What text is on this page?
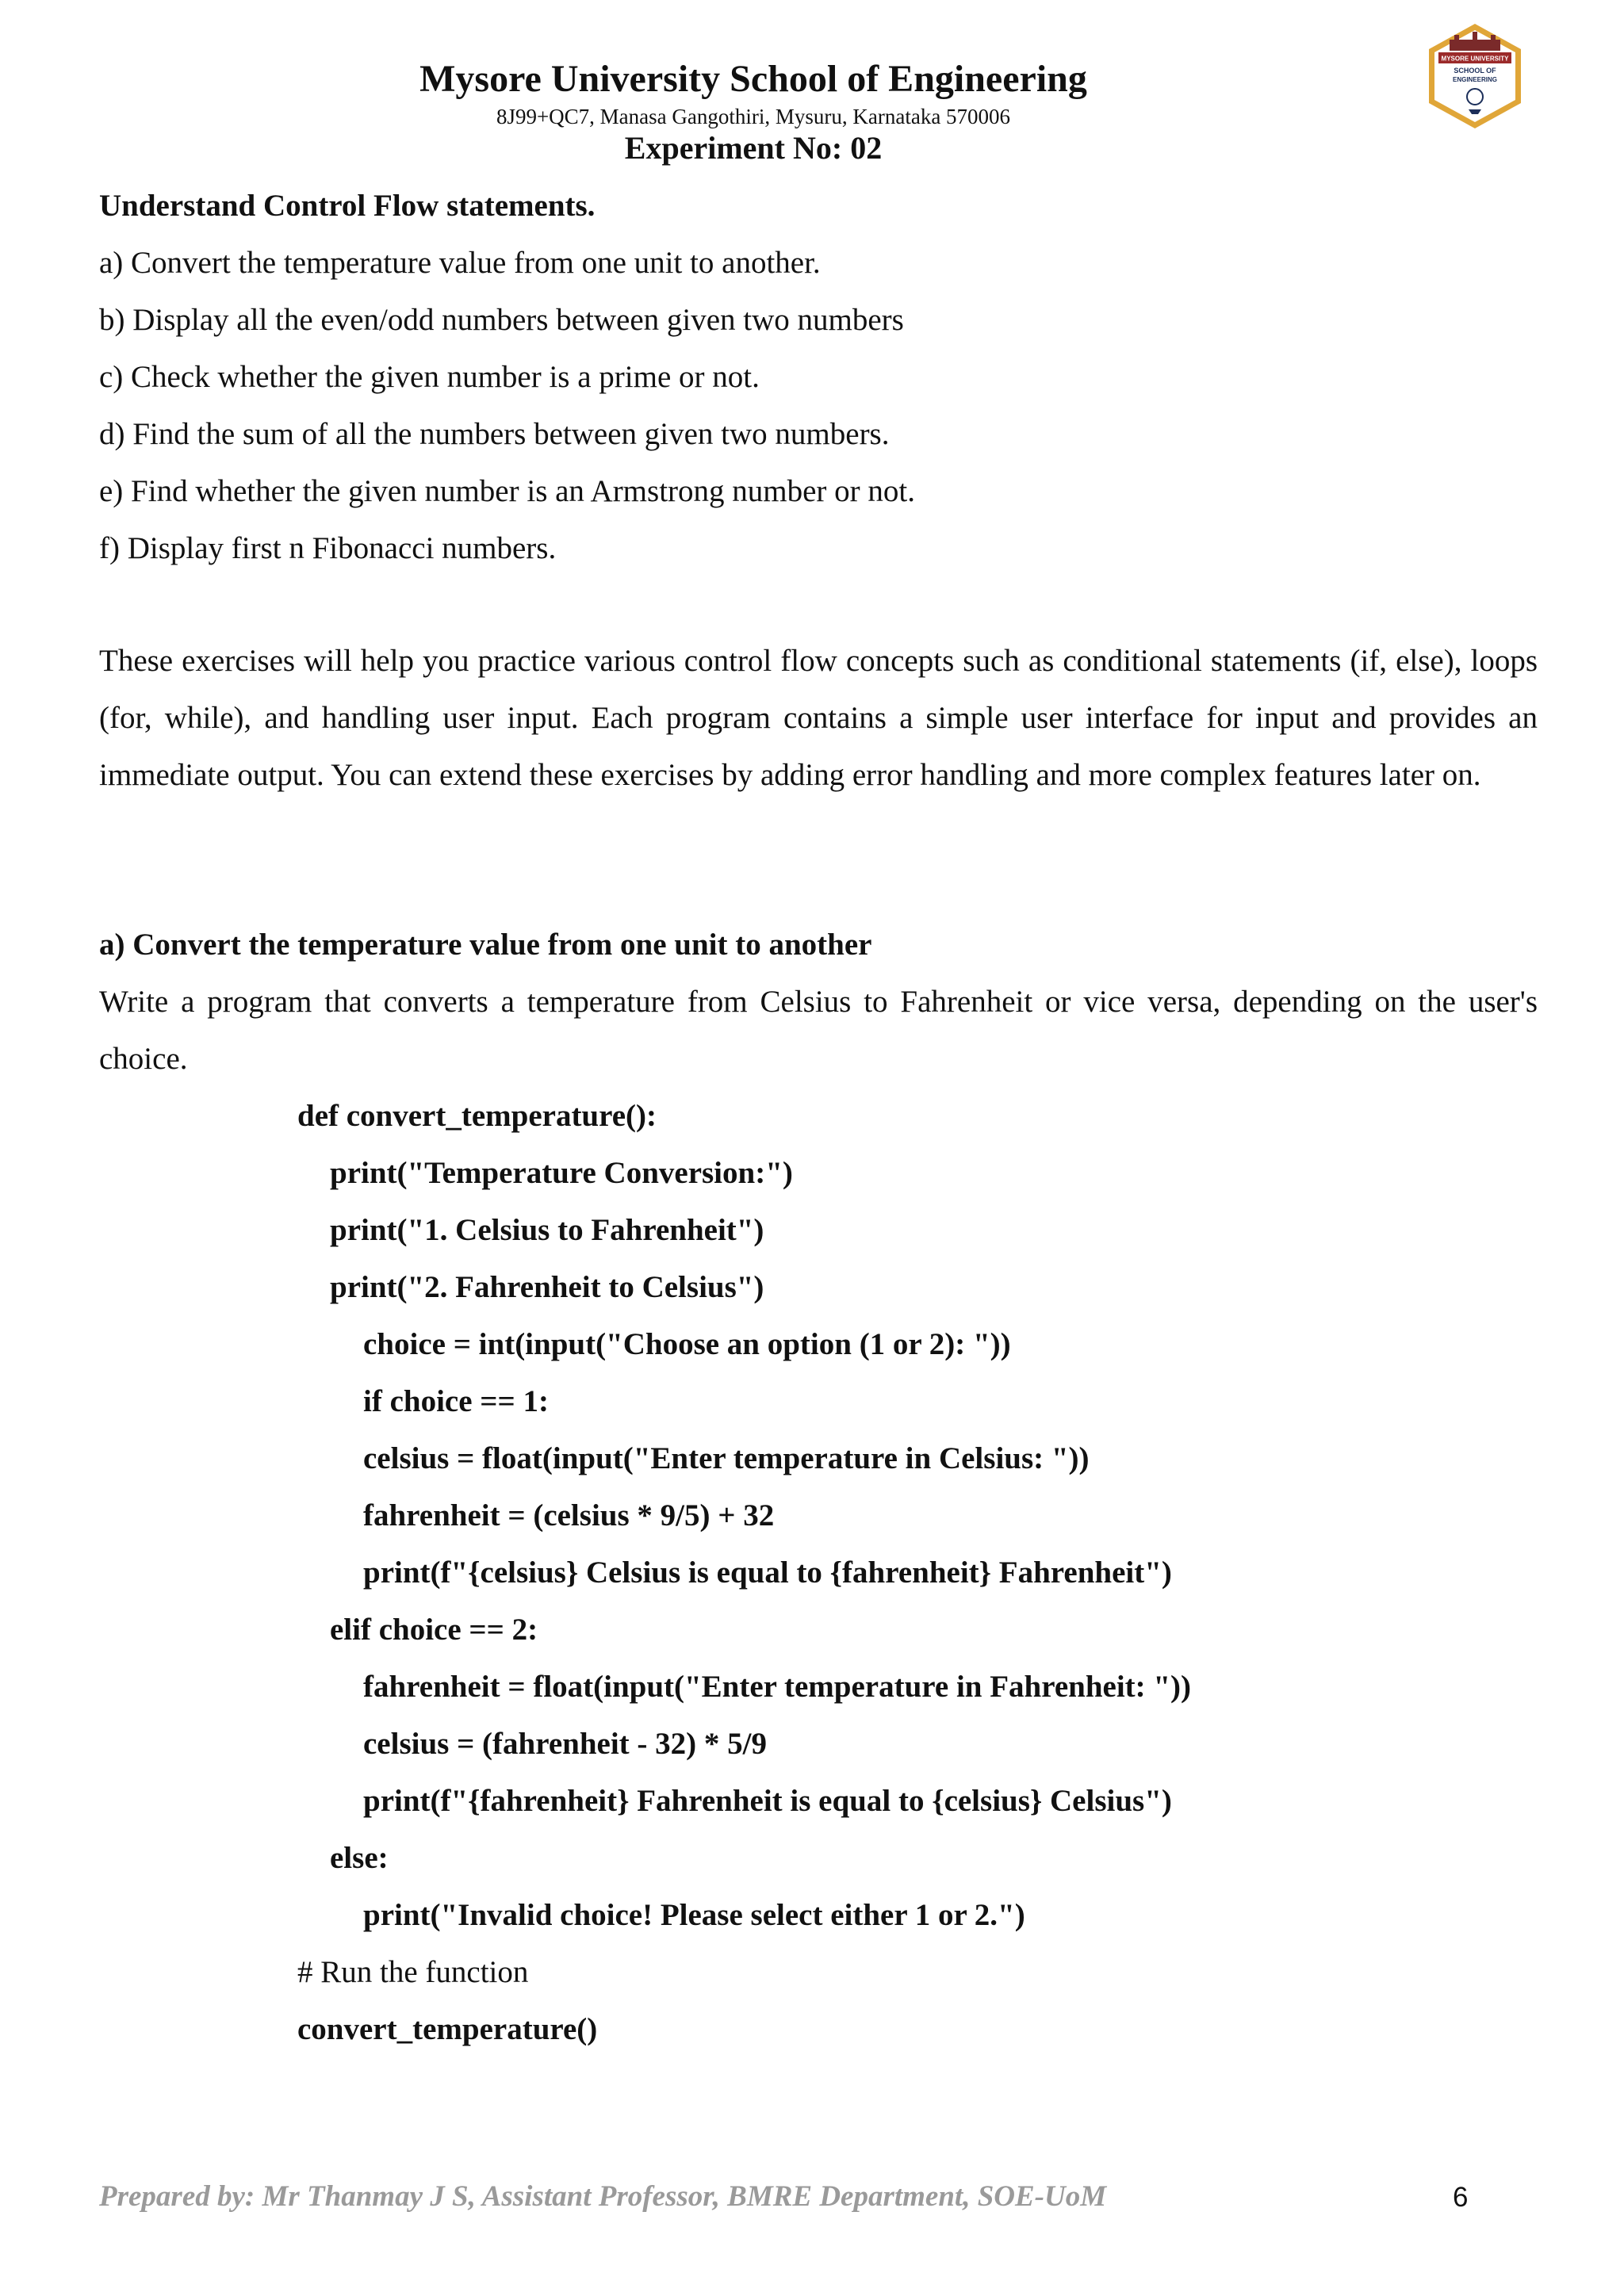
Mysore University School of Engineering
8J99+QC7, Manasa Gangothiri, Mysuru, Karnataka 570006
Experiment No: 02
MYSORE UNIVERSITY
SCHOOL OF
ENGINEERING
Understand Control Flow statements.
a) Convert the temperature value from one unit to another.
b) Display all the even/odd numbers between given two numbers
c) Check whether the given number is a prime or not.
d) Find the sum of all the numbers between given two numbers.
e) Find whether the given number is an Armstrong number or not.
f) Display first n Fibonacci numbers.
These exercises will help you practice various control flow concepts such as conditional statements (if, else), loops (for, while), and handling user input. Each program contains a simple user interface for input and provides an immediate output. You can extend these exercises by adding error handling and more complex features later on.
a) Convert the temperature value from one unit to another
Write a program that converts a temperature from Celsius to Fahrenheit or vice versa, depending on the user's choice.
def convert_temperature():
print("Temperature Conversion:")
print("1. Celsius to Fahrenheit")
print("2. Fahrenheit to Celsius")
choice = int(input("Choose an option (1 or 2): "))
if choice == 1:
celsius = float(input("Enter temperature in Celsius: "))
fahrenheit = (celsius * 9/5) + 32
print(f"{celsius} Celsius is equal to {fahrenheit} Fahrenheit")
elif choice == 2:
fahrenheit = float(input("Enter temperature in Fahrenheit: "))
celsius = (fahrenheit - 32) * 5/9
print(f"{fahrenheit} Fahrenheit is equal to {celsius} Celsius")
else:
print("Invalid choice! Please select either 1 or 2.")
# Run the function
convert_temperature()
Prepared by: Mr Thanmay J S, Assistant Professor, BMRE Department, SOE-UoM	6
